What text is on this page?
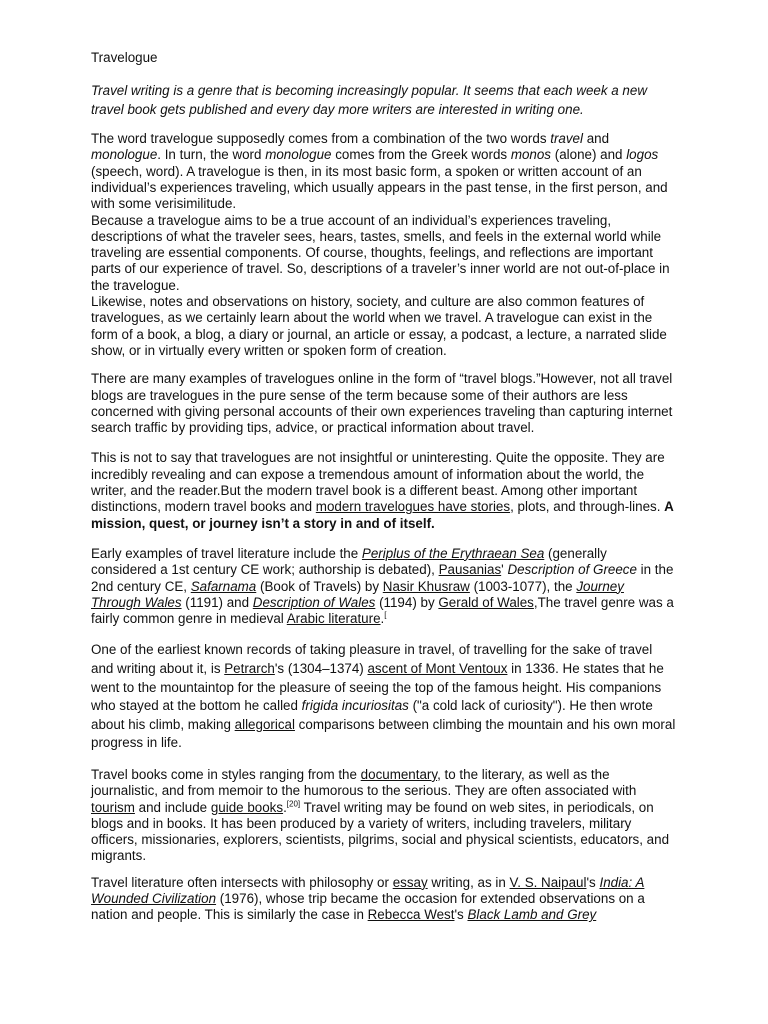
Travelogue

Travel writing is a genre that is becoming increasingly popular. It seems that each week a new travel book gets published and every day more writers are interested in writing one.

The word travelogue supposedly comes from a combination of the two words travel and monologue. In turn, the word monologue comes from the Greek words monos (alone) and logos (speech, word). A travelogue is then, in its most basic form, a spoken or written account of an individual’s experiences traveling, which usually appears in the past tense, in the first person, and with some verisimilitude.

Because a travelogue aims to be a true account of an individual’s experiences traveling, descriptions of what the traveler sees, hears, tastes, smells, and feels in the external world while traveling are essential components. Of course, thoughts, feelings, and reflections are important parts of our experience of travel. So, descriptions of a traveler’s inner world are not out-of-place in the travelogue.

Likewise, notes and observations on history, society, and culture are also common features of travelogues, as we certainly learn about the world when we travel. A travelogue can exist in the form of a book, a blog, a diary or journal, an article or essay, a podcast, a lecture, a narrated slide show, or in virtually every written or spoken form of creation.

There are many examples of travelogues online in the form of “travel blogs.”However, not all travel blogs are travelogues in the pure sense of the term because some of their authors are less concerned with giving personal accounts of their own experiences traveling than capturing internet search traffic by providing tips, advice, or practical information about travel.

This is not to say that travelogues are not insightful or uninteresting. Quite the opposite. They are incredibly revealing and can expose a tremendous amount of information about the world, the writer, and the reader.But the modern travel book is a different beast. Among other important distinctions, modern travel books and modern travelogues have stories, plots, and through-lines. A mission, quest, or journey isn’t a story in and of itself.

Early examples of travel literature include the Periplus of the Erythraean Sea (generally considered a 1st century CE work; authorship is debated), Pausanias' Description of Greece in the 2nd century CE, Safarnama (Book of Travels) by Nasir Khusraw (1003-1077), the Journey Through Wales (1191) and Description of Wales (1194) by Gerald of Wales,The travel genre was a fairly common genre in medieval Arabic literature.[

One of the earliest known records of taking pleasure in travel, of travelling for the sake of travel and writing about it, is Petrarch's (1304–1374) ascent of Mont Ventoux in 1336. He states that he went to the mountaintop for the pleasure of seeing the top of the famous height. His companions who stayed at the bottom he called frigida incuriositas ("a cold lack of curiosity"). He then wrote about his climb, making allegorical comparisons between climbing the mountain and his own moral progress in life.

Travel books come in styles ranging from the documentary, to the literary, as well as the journalistic, and from memoir to the humorous to the serious. They are often associated with tourism and include guide books.[20] Travel writing may be found on web sites, in periodicals, on blogs and in books. It has been produced by a variety of writers, including travelers, military officers, missionaries, explorers, scientists, pilgrims, social and physical scientists, educators, and migrants.

Travel literature often intersects with philosophy or essay writing, as in V. S. Naipaul's India: A Wounded Civilization (1976), whose trip became the occasion for extended observations on a nation and people. This is similarly the case in Rebecca West's Black Lamb and Grey
